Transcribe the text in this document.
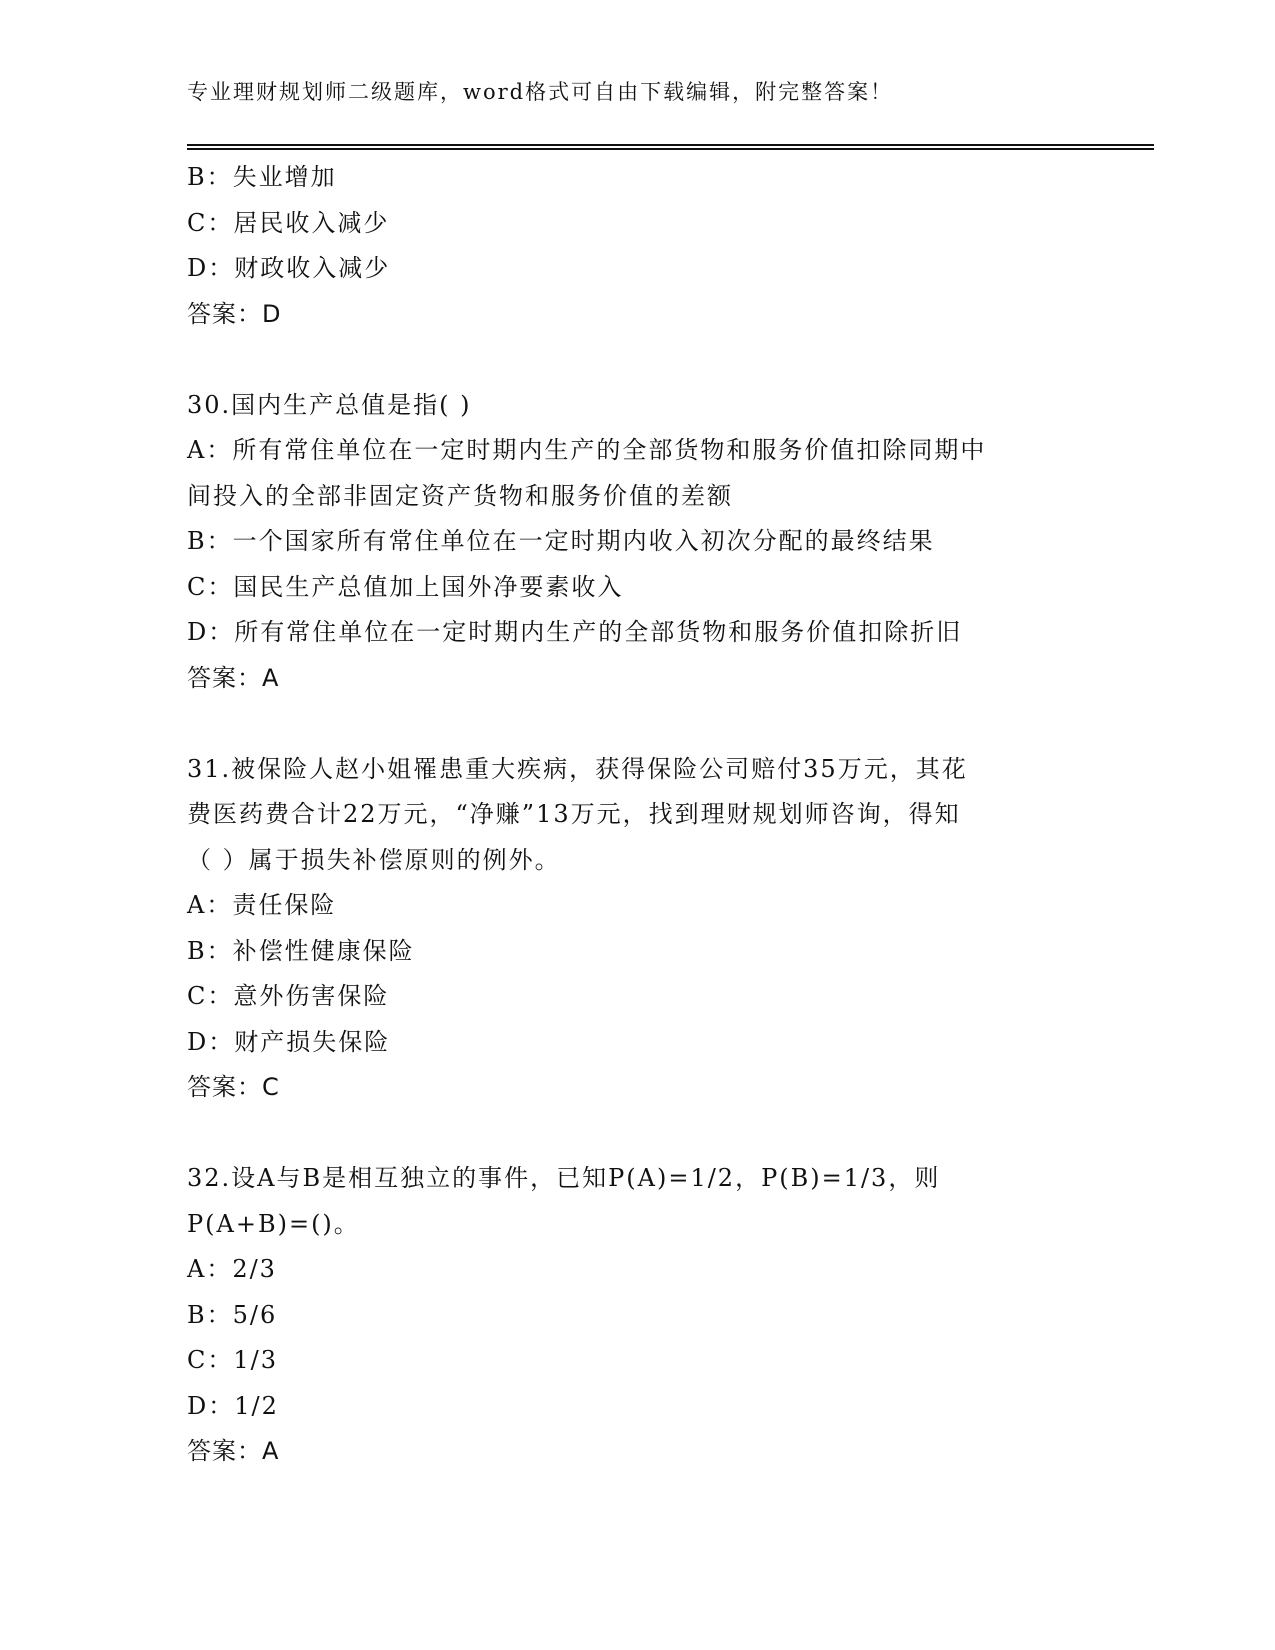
专业理财规划师二级题库，word格式可自由下载编辑，附完整答案！
B：失业增加
C：居民收入减少
D：财政收入减少
答案：D
30.国内生产总值是指( )
A：所有常住单位在一定时期内生产的全部货物和服务价值扣除同期中
间投入的全部非固定资产货物和服务价值的差额
B：一个国家所有常住单位在一定时期内收入初次分配的最终结果
C：国民生产总值加上国外净要素收入
D：所有常住单位在一定时期内生产的全部货物和服务价值扣除折旧
答案：A
31.被保险人赵小姐罹患重大疾病，获得保险公司赔付35万元，其花
费医药费合计22万元，“净赚”13万元，找到理财规划师咨询，得知
（ ）属于损失补偿原则的例外。
A：责任保险
B：补偿性健康保险
C：意外伤害保险
D：财产损失保险
答案：C
32.设A与B是相互独立的事件，已知P(A)=1/2，P(B)=1/3，则
P(A+B)=()。
A：2/3
B：5/6
C：1/3
D：1/2
答案：A
